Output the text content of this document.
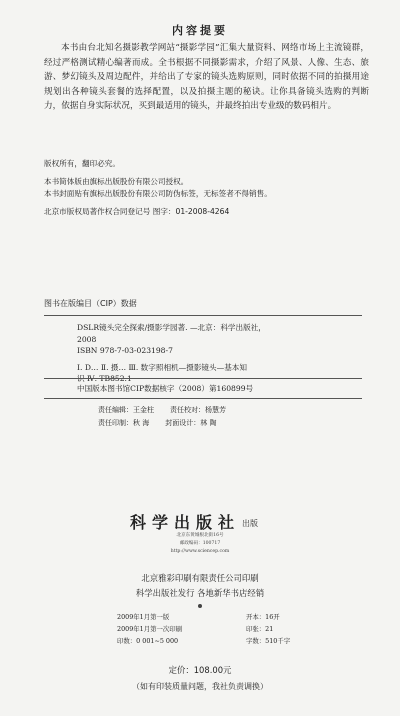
内容提要
本书由台北知名摄影教学网站“摄影学园”汇集大量资料、网络市场上主流镜群，经过严格测试精心编著而成。全书根据不同摄影需求，介绍了风景、人像、生态、旅游、梦幻镜头及周边配件，并给出了专家的镜头选购原则，同时依据不同的拍摄用途规划出各种镜头套餐的选择配置，以及拍摄主题的秘诀。让你具备镜头选购的判断力，依据自身实际状况，买到最适用的镜头，并最终拍出专业级的数码相片。
版权所有，翻印必究。
本书简体版由旗标出版股份有限公司授权。
本书封面贴有旗标出版股份有限公司防伪标签，无标签者不得销售。
北京市版权局著作权合同登记号 图字：01-2008-4264
图书在版编目（CIP）数据
DSLR镜头完全探索/摄影学园著. —北京：科学出版社，
2008
ISBN 978-7-03-023198-7
Ⅰ. D… Ⅱ. 摄… Ⅲ. 数字照相机—摄影镜头—基本知
识 Ⅳ. TB852.1
中国版本图书馆CIP数据核字（2008）第160899号
责任编辑：王金柱 责任校对：杨慧芳
责任印制：秋 海 封面设计：林 陶
科学出版社 出版
北京东黄城根北街16号
邮政编码：100717
http://www.sciencep.com
北京雅彩印刷有限责任公司印刷
科学出版社发行 各地新华书店经销
2009年1月第一版
2009年1月第一次印刷
印数：0 001~5 000
开本：16开
印张：21
字数：510千字
定价：108.00元
（如有印装质量问题，我社负责调换）
